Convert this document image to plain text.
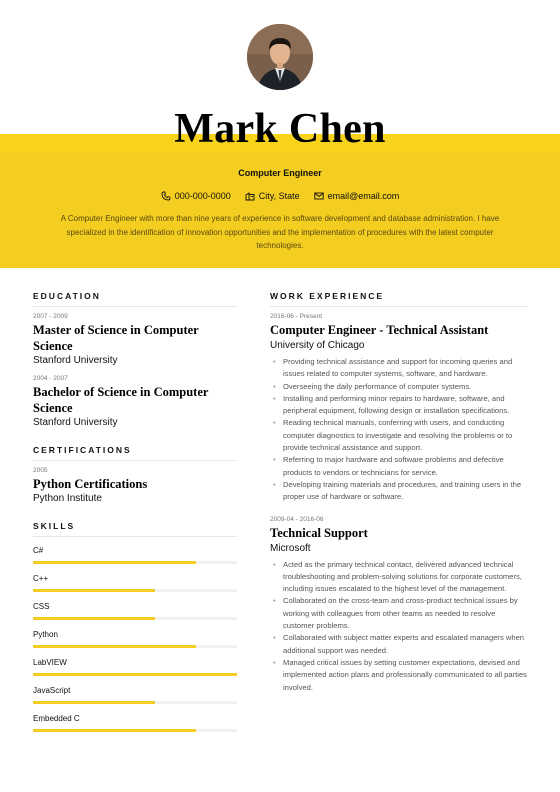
Mark Chen
Computer Engineer
000-000-0000	City, State	email@email.com
A Computer Engineer with more than nine years of experience in software development and database administration. I have specialized in the identification of innovation opportunities and the implementation of procedures with the latest computer technologies.
EDUCATION
2007 - 2009
Master of Science in Computer Science
Stanford University
2004 - 2007
Bachelor of Science in Computer Science
Stanford University
CERTIFICATIONS
2005
Python Certifications
Python Institute
SKILLS
C#
C++
CSS
Python
LabVIEW
JavaScript
Embedded C
WORK EXPERIENCE
2016-06 - Present
Computer Engineer - Technical Assistant
University of Chicago
• Providing technical assistance and support for incoming queries and issues related to computer systems, software, and hardware.
• Overseeing the daily performance of computer systems.
• Installing and performing minor repairs to hardware, software, and peripheral equipment, following design or installation specifications.
• Reading technical manuals, conferring with users, and conducting computer diagnostics to investigate and resolving the problems or to provide technical assistance and support.
• Referring to major hardware and software problems and defective products to vendors or technicians for service.
• Developing training materials and procedures, and training users in the proper use of hardware or software.
2009-04 - 2016-06
Technical Support
Microsoft
• Acted as the primary technical contact, delivered advanced technical troubleshooting and problem-solving solutions for corporate customers, including issues escalated to the highest level of the management.
• Collaborated on the cross-team and cross-product technical issues by working with colleagues from other teams as needed to resolve customer problems.
• Collaborated with subject matter experts and escalated managers when additional support was needed.
• Managed critical issues by setting customer expectations, devised and implemented action plans and professionally communicated to all parties involved.
